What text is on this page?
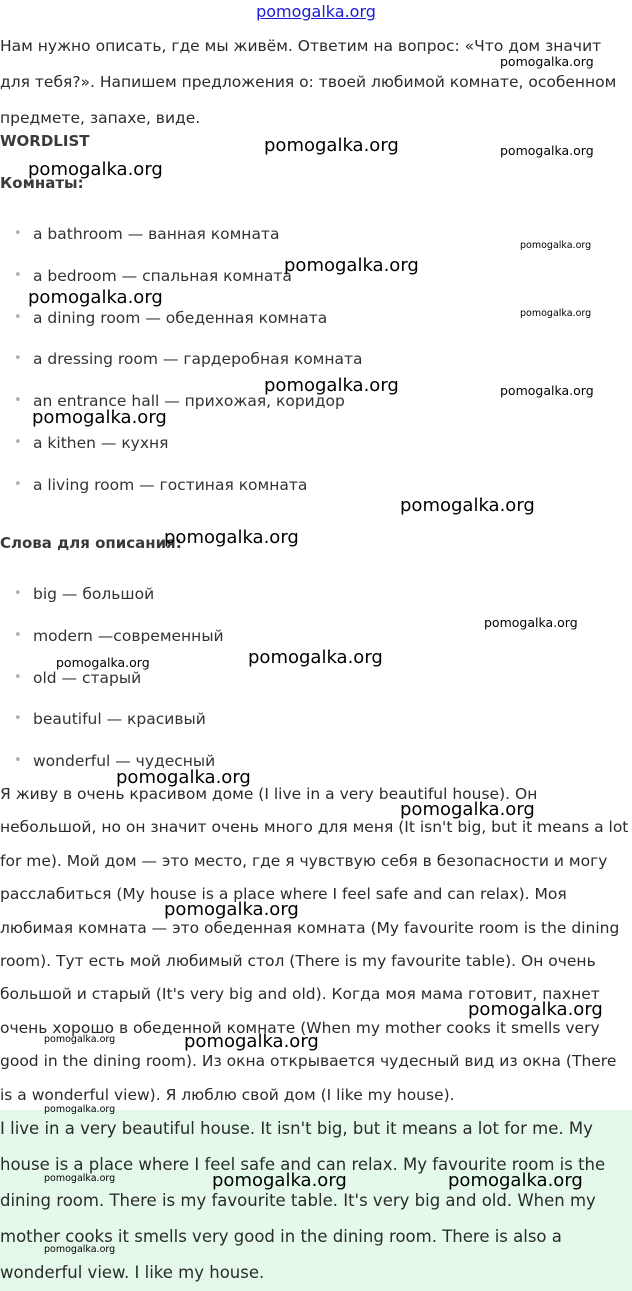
pomogalka.org
Нам нужно описать, где мы живём. Ответим на вопрос: «Что дом значит для тебя?». Напишем предложения о: твоей любимой комнате, особенном предмете, запахе, виде.
WORDLIST
Комнаты:
• a bathroom — ванная комната
• a bedroom — спальная комната
• a dining room — обеденная комната
• a dressing room — гардеробная комната
• an entrance hall — прихожая, коридор
• a kithen — кухня
• a living room — гостиная комната
Слова для описания:
• big — большой
• modern —современный
• old — старый
• beautiful — красивый
• wonderful — чудесный
Я живу в очень красивом доме (I live in a very beautiful house). Он небольшой, но он значит очень много для меня (It isn't big, but it means a lot for me). Мой дом — это место, где я чувствую себя в безопасности и могу расслабиться (My house is a place where I feel safe and can relax). Моя любимая комната — это обеденная комната (My favourite room is the dining room). Тут есть мой любимый стол (There is my favourite table). Он очень большой и старый (It's very big and old). Когда моя мама готовит, пахнет очень хорошо в обеденной комнате (When my mother cooks it smells very good in the dining room). Из окна открывается чудесный вид из окна (There is a wonderful view). Я люблю свой дом (I like my house).
I live in a very beautiful house. It isn't big, but it means a lot for me. My house is a place where I feel safe and can relax. My favourite room is the dining room. There is my favourite table. It's very big and old. When my mother cooks it smells very good in the dining room. There is also a wonderful view. I like my house.
pomogalka.org
pomogalka.org	pomogalka.org
pomogalka.org
pomogalka.org
pomogalka.org
pomogalka.org
pomogalka.org
pomogalka.org	pomogalka.org
pomogalka.org
pomogalka.org
pomogalka.org
pomogalka.org
pomogalka.org
pomogalka.org
pomogalka.org
pomogalka.org
pomogalka.org
pomogalka.org
pomogalka.org	pomogalka.org
pomogalka.org
pomogalka.org	pomogalka.org	pomogalka.org
pomogalka.org
